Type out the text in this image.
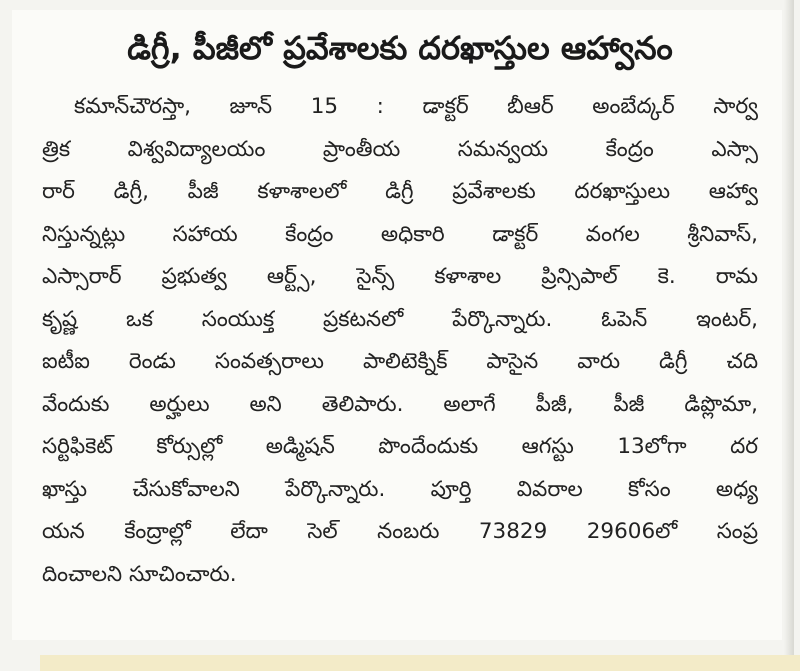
డిగ్రీ, పీజీలో ప్రవేశాలకు దరఖాస్తుల ఆహ్వానం
కమాన్‌చౌరస్తా, జూన్ 15 : డాక్టర్ బీఆర్ అంబేద్కర్ సార్వ
త్రిక విశ్వవిద్యాలయం ప్రాంతీయ సమన్వయ కేంద్రం ఎస్సా
రార్ డిగ్రీ, పీజీ కళాశాలలో డిగ్రీ ప్రవేశాలకు దరఖాస్తులు ఆహ్వా
నిస్తున్నట్లు సహాయ కేంద్రం అధికారి డాక్టర్ వంగల శ్రీనివాస్,
ఎస్సారార్ ప్రభుత్వ ఆర్ట్స్, సైన్స్ కళాశాల ప్రిన్సిపాల్ కె. రామ
కృష్ణ ఒక సంయుక్త ప్రకటనలో పేర్కొన్నారు. ఓపెన్ ఇంటర్,
ఐటీఐ రెండు సంవత్సరాలు పాలిటెక్నిక్ పాసైన వారు డిగ్రీ చది
వేందుకు అర్హులు అని తెలిపారు. అలాగే పీజీ, పీజీ డిప్లొమా,
సర్టిఫికెట్ కోర్సుల్లో అడ్మిషన్ పొందేందుకు ఆగస్టు 13లోగా దర
ఖాస్తు చేసుకోవాలని పేర్కొన్నారు. పూర్తి వివరాల కోసం అధ్య
యన కేంద్రాల్లో లేదా సెల్ నంబరు 73829 29606లో సంప్ర
దించాలని సూచించారు.
